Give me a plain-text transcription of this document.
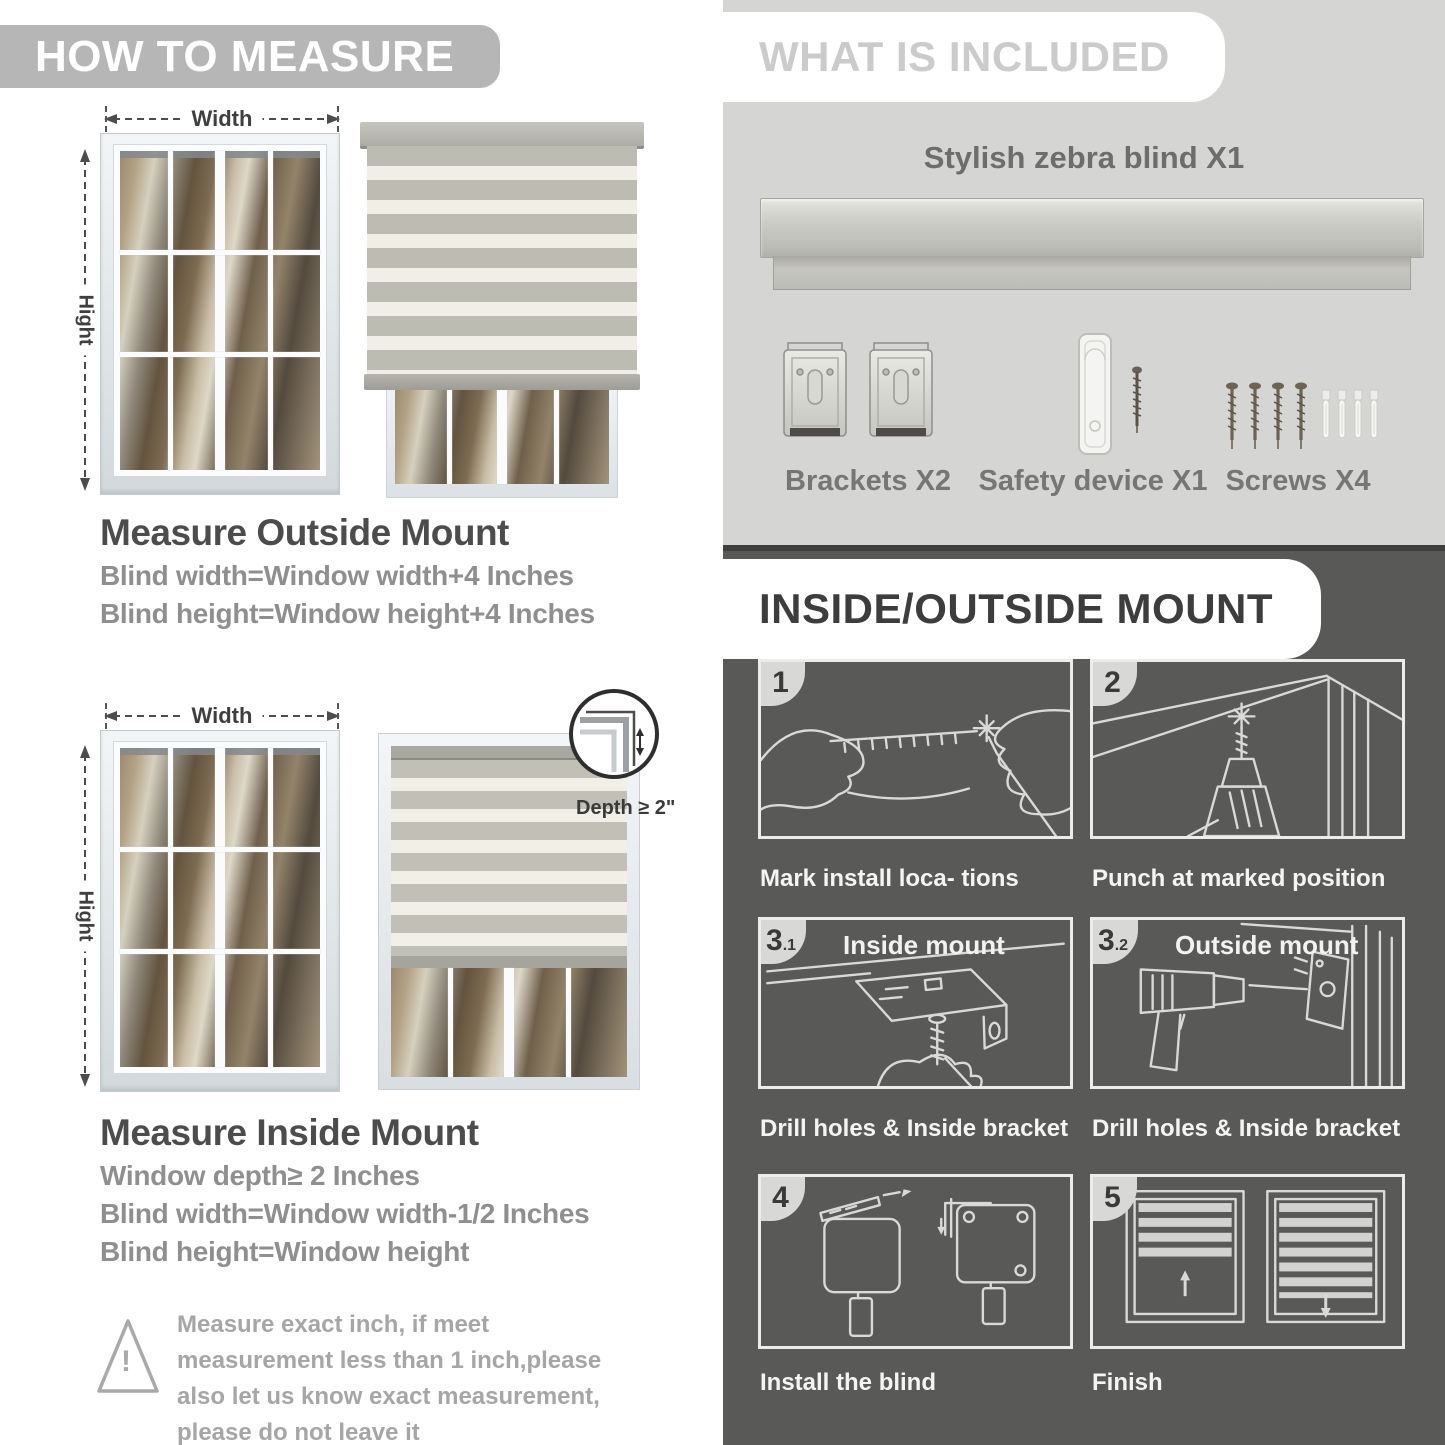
HOW TO MEASURE
Width
Hight
Measure Outside Mount
Blind width=Window width+4 Inches
Blind height=Window height+4 Inches
Width
Hight
Depth ≥ 2"
Measure Inside Mount
Window depth≥ 2 Inches
Blind width=Window width-1/2 Inches
Blind height=Window height
!

Measure exact inch, if meet measurement less than 1 inch,please also let us know exact measurement, please do not leave it

WHAT IS INCLUDED
Stylish zebra blind X1
Brackets X2 Safety device X1 Screws X4
INSIDE/OUTSIDE MOUNT
1
Mark install loca- tions
2
Punch at marked position
3 .1 Inside mount
Drill holes & Inside bracket
3 .2 Outside mount
Drill holes & Inside bracket
4
Install the blind
5
Finish
